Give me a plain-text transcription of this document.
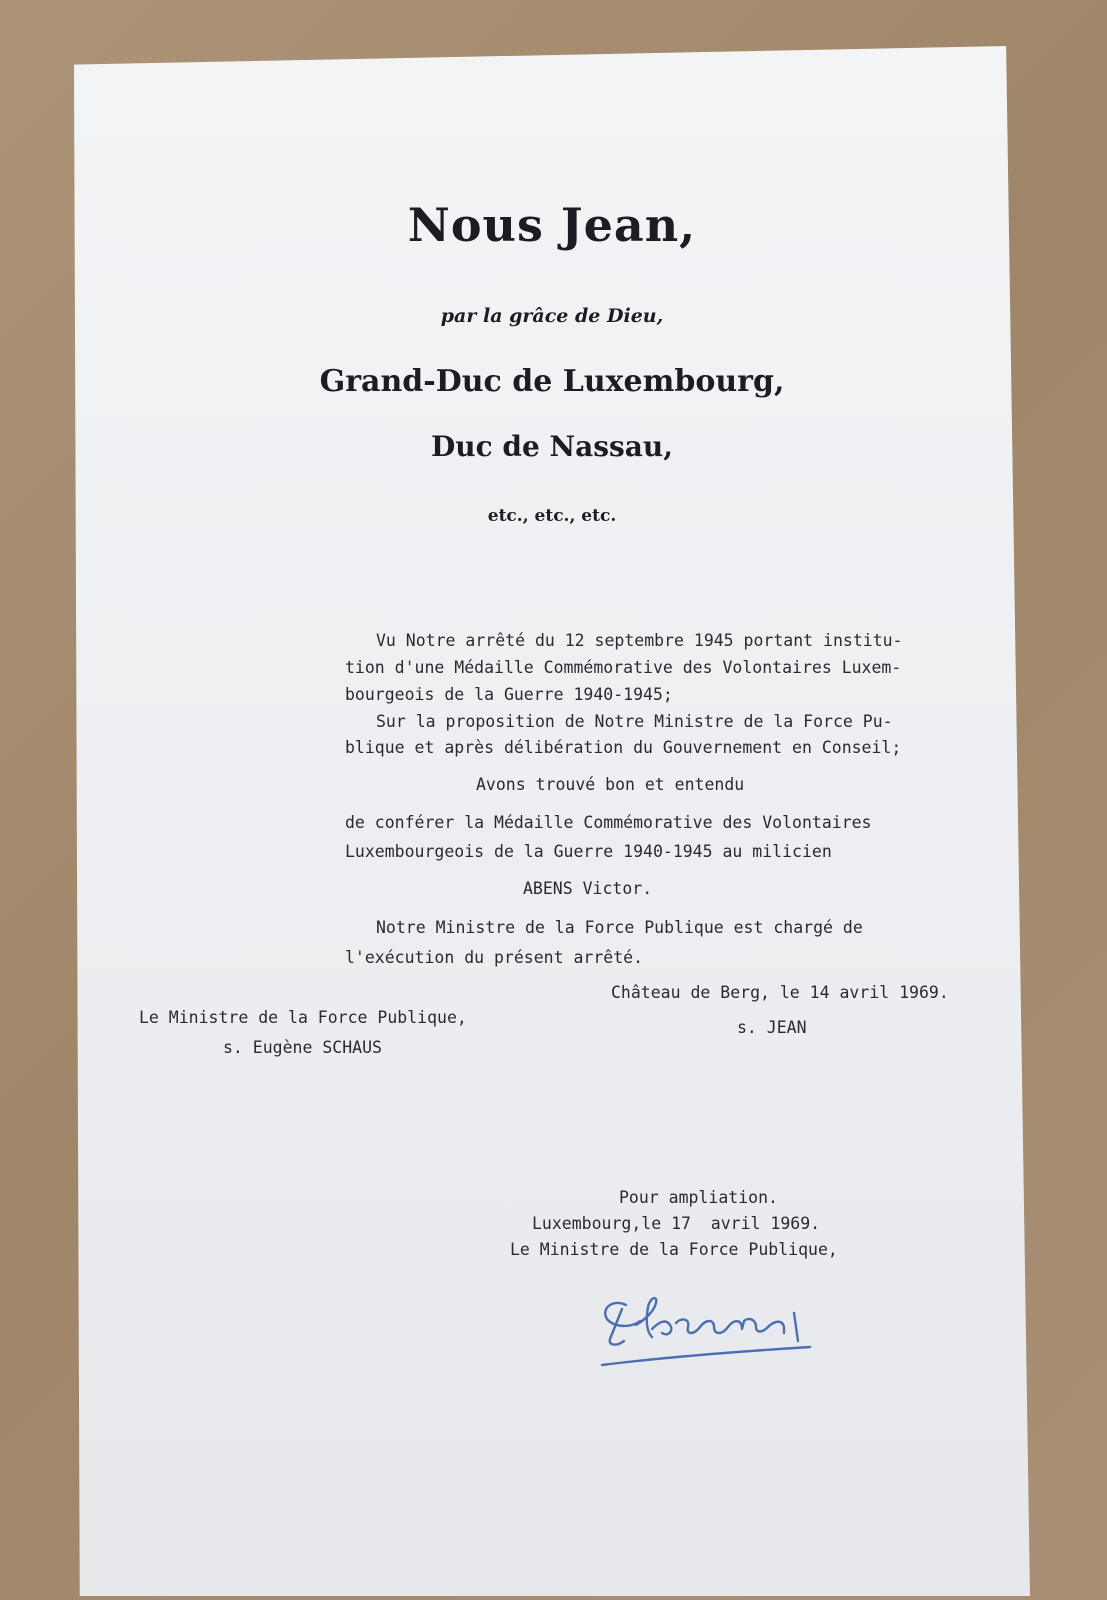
Nous Jean,

par la grâce de Dieu,

Grand-Duc de Luxembourg,

Duc de Nassau,

etc., etc., etc.

Vu Notre arrêté du 12 septembre 1945 portant institu-

tion d'une Médaille Commémorative des Volontaires Luxem-

bourgeois de la Guerre 1940-1945;

Sur la proposition de Notre Ministre de la Force Pu-

blique et après délibération du Gouvernement en Conseil;

Avons trouvé bon et entendu

de conférer la Médaille Commémorative des Volontaires

Luxembourgeois de la Guerre 1940-1945 au milicien

ABENS Victor.

Notre Ministre de la Force Publique est chargé de

l'exécution du présent arrêté.

Château de Berg, le 14 avril 1969.

Le Ministre de la Force Publique,

s. JEAN

s. Eugène SCHAUS

Pour ampliation.

Luxembourg,le 17  avril 1969.

Le Ministre de la Force Publique,
